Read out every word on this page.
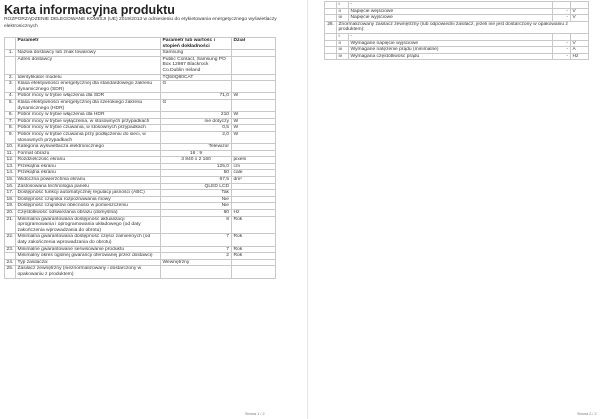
Karta informacyjna produktu
ROZPORZĄDZENIE DELEGOWANE KOMISJI (UE) 2019/2013 w odniesieniu do etykietowania energetycznego wyświetlaczy elektronicznych
	Parametr	Parametr lub wartość i stopień dokładności	Dział
1.	Nazwa dostawcy lub znak towarowy	Samsung	
	Adres dostawcy	Public Contact, Samsung PO Box 12987 Blackrock Co.Dublin Ireland	
2.	Identyfikator modelu	TQ50Q80CAT	
3.	Klasa efektywności energetycznej dla standardowego zakresu dynamicznego (SDR)	G	
4.	Pobór mocy w trybie włączenia dla SDR	71,0	W
5.	Klasa efektywności energetycznej dla szerokiego zakresu dynamicznego (HDR)	G	
6.	Pobór mocy w trybie włączenia dla HDR	210	W
7.	Pobór mocy w trybie wyłączenia, w stosownych przypadkach	nie dotyczy	W
8.	Pobór mocy w trybie czuwania, w stosownych przypadkach	0,5	W
9.	Pobór mocy w trybie czuwania przy podłączeniu do sieci, w stosownych przypadkach	2,0	W
10.	Kategoria wyświetlacza elektronicznego	Telewizor	
11.	Format obrazu	16 : 9	
12.	Rozdzielczość ekranu	3 840 x 2 160	pixels
13.	Przekątna ekranu	125,0	cm
14.	Przekątna ekranu	50	cale
15.	Widoczna powierzchnia ekranu	67,5	dm²
16.	Zastosowana technologia panelu	QLED LCD	
17.	Dostępność funkcji automatycznej regulacji jasności (ABC)	Tak	
18.	Dostępność czujnika rozpoznawania mowy	Nie	
19.	Dostępność czujników obecności w pomieszczeniu	Nie	
20.	Częstotliwość odświeżania obrazu (domyślna)	60	Hz
21.	Minimalna gwarantowana dostępność aktualizacji oprogramowania i oprogramowania układowego (od daty zakończenia wprowadzania do obrotu)	8	Rok
22.	Minimalna gwarantowana dostępność części zamiennych (od daty zakończenia wprowadzania do obrotu)	7	Rok
23.	Minimalne gwarantowane serwisowanie produktu	7	Rok
	Minimalny okres ogólnej gwarancji oferowanej przez dostawcę	2	Rok
24.	Typ zasilacza:	Wewnętrzny	
25.	Zasilacz zewnętrzny (nieznormalizowany i dostarczony w opakowaniu z produktem)		
Strona 1 / 2
	i	-		
	ii	Napięcie wejściowe	-	V
	iii	Napięcie wyjściowe	-	V
26.	Znormalizowany zasilacz zewnętrzny (lub odpowiedni zasilacz, jeżeli nie jest dostarczony w opakowaniu z produktem):			
	i	-		
	ii	Wymagane napięcie wyjściowe	-	V
	iii	Wymagane natężenie prądu (minimalne)	-	A
	iv	Wymagana częstotliwość prądu	-	Hz
Strona 2 / 2
